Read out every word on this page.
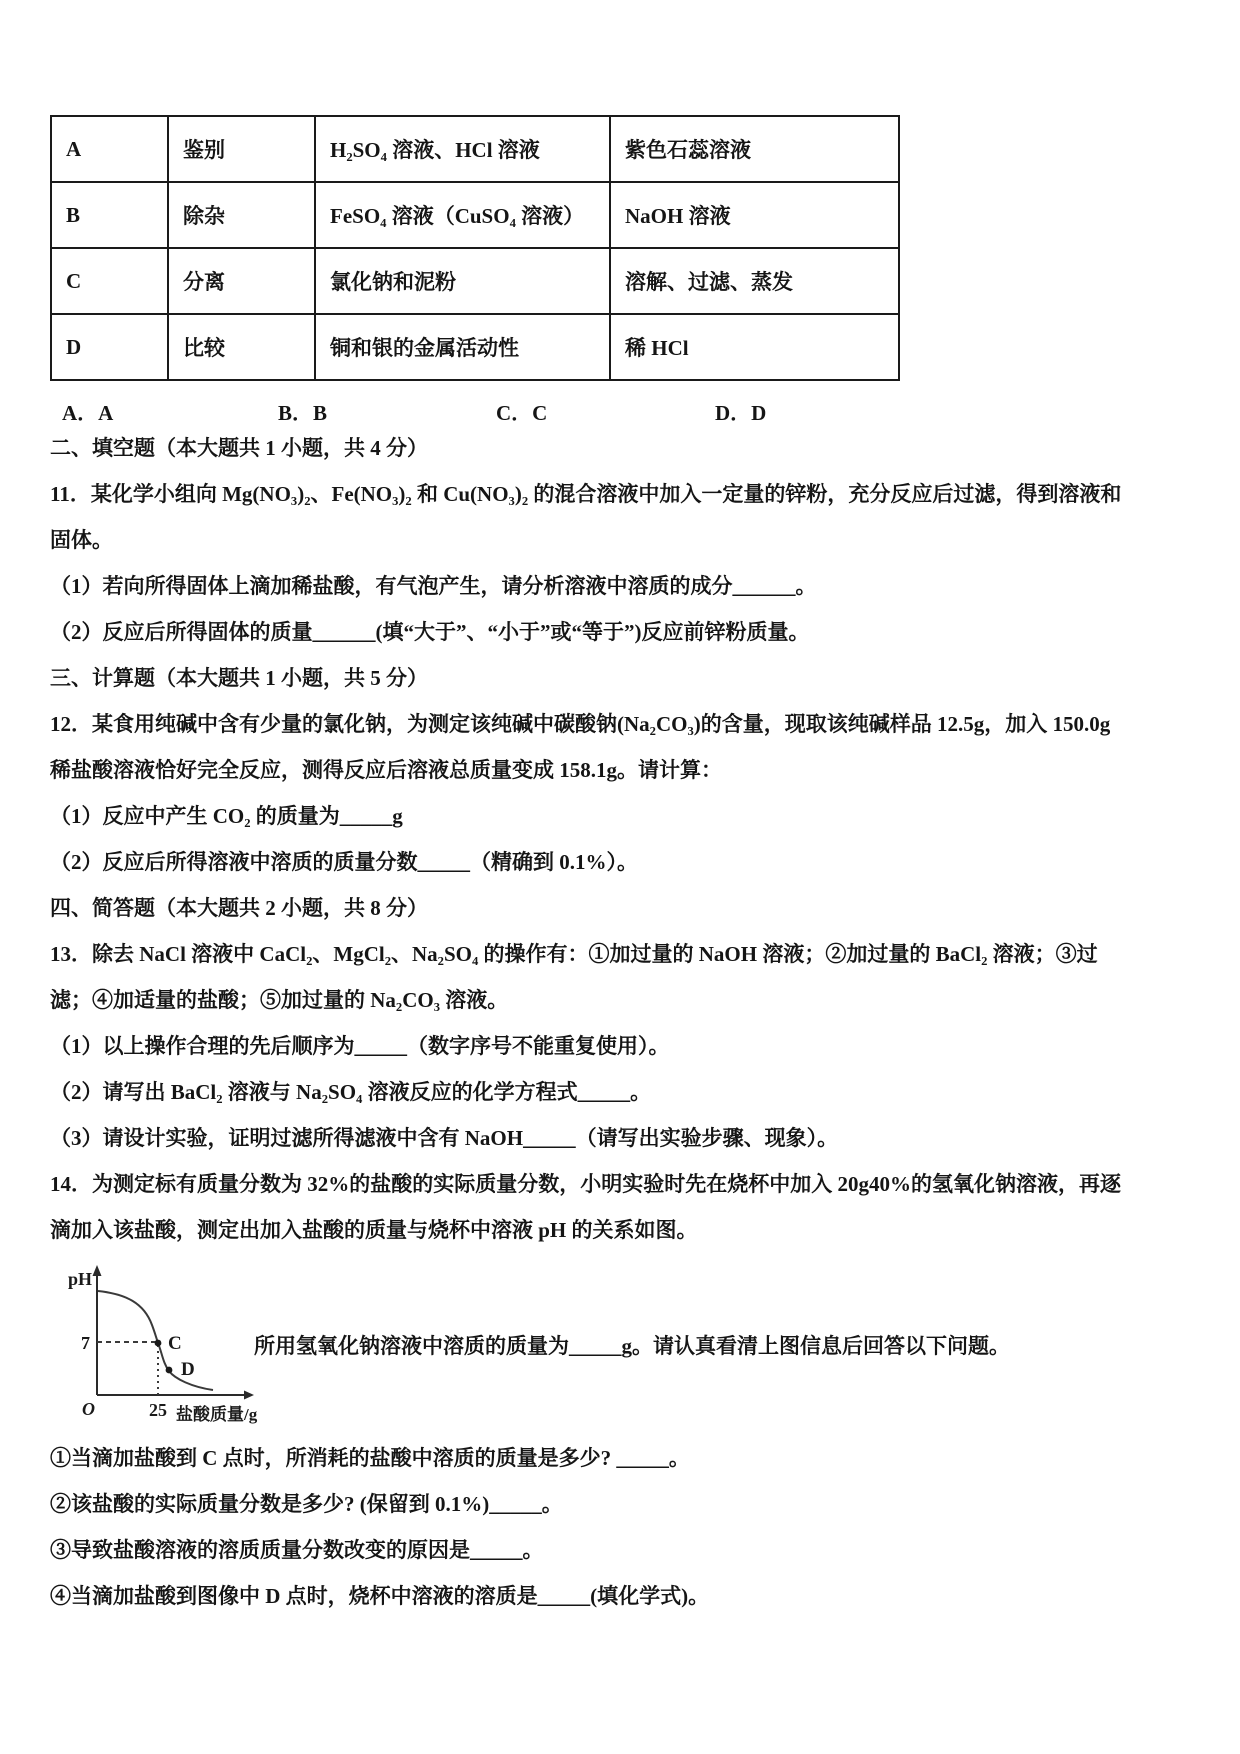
A	鉴别	H₂SO₄ 溶液、HCl 溶液	紫色石蕊溶液
B	除杂	FeSO₄ 溶液（CuSO₄ 溶液）	NaOH 溶液
C	分离	氯化钠和泥粉	溶解、过滤、蒸发
D	比较	铜和银的金属活动性	稀 HCl
A．A	B．B	C．C	D．D
二、填空题（本大题共 1 小题，共 4 分）
11．某化学小组向 Mg(NO₃)₂、Fe(NO₃)₂ 和 Cu(NO₃)₂ 的混合溶液中加入一定量的锌粉，充分反应后过滤，得到溶液和
固体。
（1）若向所得固体上滴加稀盐酸，有气泡产生，请分析溶液中溶质的成分______。
（2）反应后所得固体的质量______(填“大于”、“小于”或“等于”)反应前锌粉质量。
三、计算题（本大题共 1 小题，共 5 分）
12．某食用纯碱中含有少量的氯化钠，为测定该纯碱中碳酸钠(Na₂CO₃)的含量，现取该纯碱样品 12.5g，加入 150.0g
稀盐酸溶液恰好完全反应，测得反应后溶液总质量变成 158.1g。请计算：
（1）反应中产生 CO₂ 的质量为_____g
（2）反应后所得溶液中溶质的质量分数_____（精确到 0.1%）。
四、简答题（本大题共 2 小题，共 8 分）
13．除去 NaCl 溶液中 CaCl₂、MgCl₂、Na₂SO₄ 的操作有：①加过量的 NaOH 溶液；②加过量的 BaCl₂ 溶液；③过
滤；④加适量的盐酸；⑤加过量的 Na₂CO₃ 溶液。
（1）以上操作合理的先后顺序为_____（数字序号不能重复使用）。
（2）请写出 BaCl₂ 溶液与 Na₂SO₄ 溶液反应的化学方程式_____。
（3）请设计实验，证明过滤所得滤液中含有 NaOH_____（请写出实验步骤、现象）。
14．为测定标有质量分数为 32%的盐酸的实际质量分数，小明实验时先在烧杯中加入 20g40%的氢氧化钠溶液，再逐
滴加入该盐酸，测定出加入盐酸的质量与烧杯中溶液 pH 的关系如图。
pH
7	C
D
O	25 盐酸质量/g
所用氢氧化钠溶液中溶质的质量为_____g。请认真看清上图信息后回答以下问题。
①当滴加盐酸到 C 点时，所消耗的盐酸中溶质的质量是多少? _____。
②该盐酸的实际质量分数是多少? (保留到 0.1%)_____。
③导致盐酸溶液的溶质质量分数改变的原因是_____。
④当滴加盐酸到图像中 D 点时，烧杯中溶液的溶质是_____(填化学式)。
